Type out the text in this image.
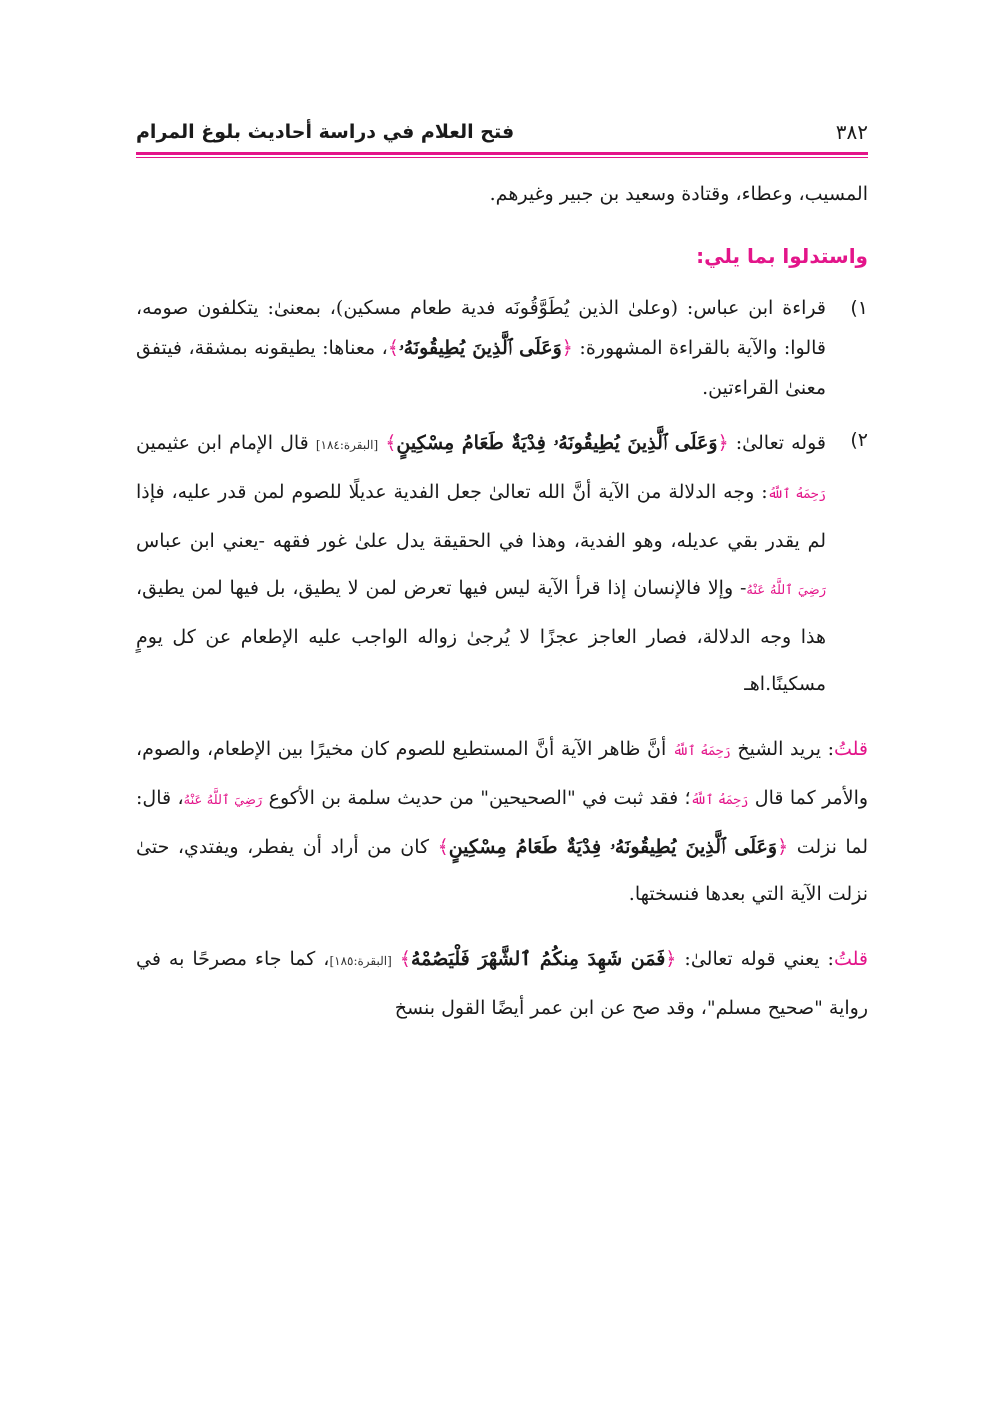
٣٨٢
فتح العلام في دراسة أحاديث بلوغ المرام

المسيب، وعطاء، وقتادة وسعيد بن جبير وغيرهم.

واستدلوا بما يلي:

١)
قراءة ابن عباس: (وعلىٰ الذين يُطَوَّقُونَه فدية طعام مسكين)، بمعنىٰ: يتكلفون صومه، قالوا: والآية بالقراءة المشهورة: ﴿وَعَلَى ٱلَّذِينَ يُطِيقُونَهُۥ﴾، معناها: يطيقونه بمشقة، فيتفق معنىٰ القراءتين.
٢)
قوله تعالىٰ: ﴿وَعَلَى ٱلَّذِينَ يُطِيقُونَهُۥ فِدْيَةٌ طَعَامُ مِسْكِينٍ﴾ [البقرة:١٨٤] قال الإمام ابن عثيمين رَحِمَهُ ٱللَّهُ: وجه الدلالة من الآية أنَّ الله تعالىٰ جعل الفدية عديلًا للصوم لمن قدر عليه، فإذا لم يقدر بقي عديله، وهو الفدية، وهذا في الحقيقة يدل علىٰ غور فقهه -يعني ابن عباس رَضِيَ ٱللَّهُ عَنْهُ- وإلا فالإنسان إذا قرأ الآية ليس فيها تعرض لمن لا يطيق، بل فيها لمن يطيق، هذا وجه الدلالة، فصار العاجز عجزًا لا يُرجىٰ زواله الواجب عليه الإطعام عن كل يومٍ مسكينًا.اهـ

قلتُ: يريد الشيخ رَحِمَهُ ٱللَّهُ أنَّ ظاهر الآية أنَّ المستطيع للصوم كان مخيرًا بين الإطعام، والصوم، والأمر كما قال رَحِمَهُ ٱللَّهُ؛ فقد ثبت في "الصحيحين" من حديث سلمة بن الأكوع رَضِيَ ٱللَّهُ عَنْهُ، قال: لما نزلت ﴿وَعَلَى ٱلَّذِينَ يُطِيقُونَهُۥ فِدْيَةٌ طَعَامُ مِسْكِينٍ﴾ كان من أراد أن يفطر، ويفتدي، حتىٰ نزلت الآية التي بعدها فنسختها.

قلتُ: يعني قوله تعالىٰ: ﴿فَمَن شَهِدَ مِنكُمُ ٱلشَّهْرَ فَلْيَصُمْهُ﴾ [البقرة:١٨٥]، كما جاء مصرحًا به في رواية "صحيح مسلم"، وقد صح عن ابن عمر أيضًا القول بنسخ
